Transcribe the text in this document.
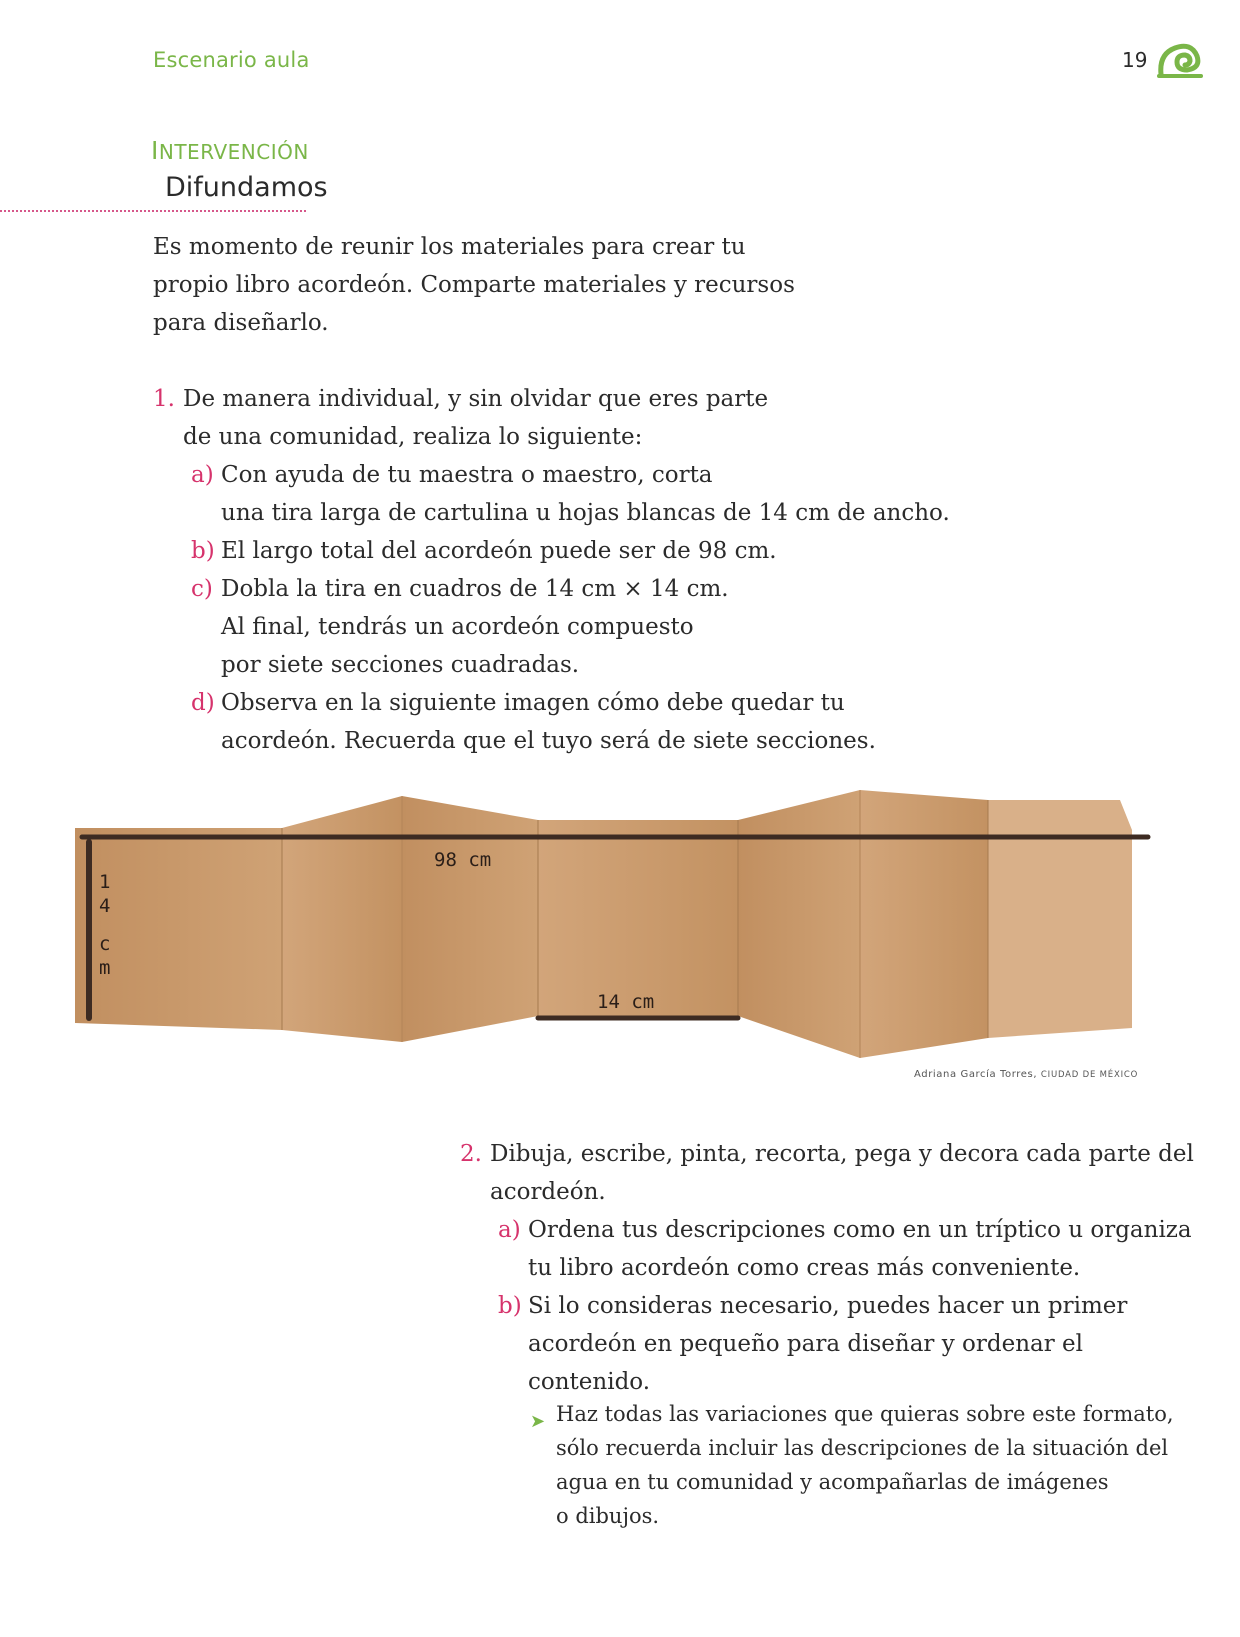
Escenario aula	19
INTERVENCIÓN
Difundamos
Es momento de reunir los materiales para crear tu
propio libro acordeón. Comparte materiales y recursos
para diseñarlo.
1. De manera individual, y sin olvidar que eres parte
de una comunidad, realiza lo siguiente:
a) Con ayuda de tu maestra o maestro, corta
una tira larga de cartulina u hojas blancas de 14 cm de ancho.
b) El largo total del acordeón puede ser de 98 cm.
c) Dobla la tira en cuadros de 14 cm × 14 cm.
Al final, tendrás un acordeón compuesto
por siete secciones cuadradas.
d) Observa en la siguiente imagen cómo debe quedar tu
acordeón. Recuerda que el tuyo será de siete secciones.
98 cm
14 cm
1
4
c
m
Adriana García Torres, CIUDAD DE MÉXICO
2. Dibuja, escribe, pinta, recorta, pega y decora cada parte del
acordeón.
a) Ordena tus descripciones como en un tríptico u organiza
tu libro acordeón como creas más conveniente.
b) Si lo consideras necesario, puedes hacer un primer
acordeón en pequeño para diseñar y ordenar el
contenido.
➤ Haz todas las variaciones que quieras sobre este formato,
sólo recuerda incluir las descripciones de la situación del
agua en tu comunidad y acompañarlas de imágenes
o dibujos.
